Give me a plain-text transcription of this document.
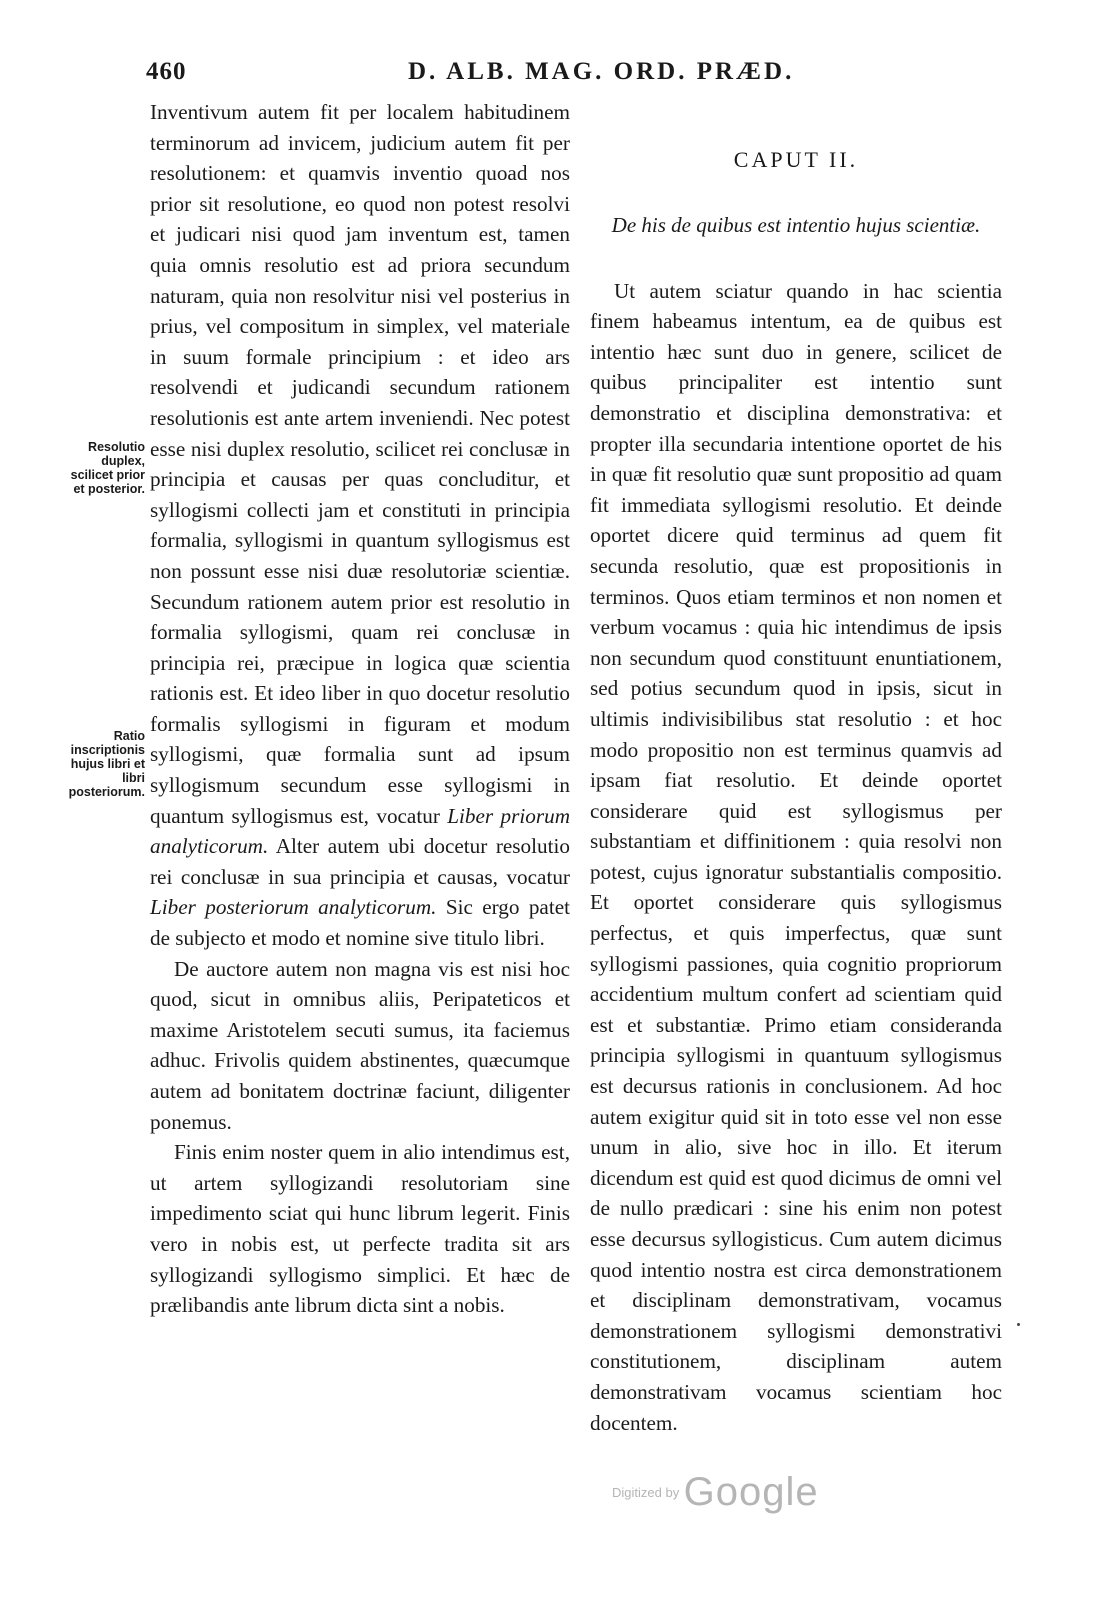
460	D. ALB. MAG. ORD. PRÆD.
Resolutio duplex, scilicet prior et posterior.
Ratio inscriptionis hujus libri et libri posteriorum.

Inventivum autem fit per localem habitudinem terminorum ad invicem, judicium autem fit per resolutionem: et quamvis inventio quoad nos prior sit resolutione, eo quod non potest resolvi et judicari nisi quod jam inventum est, tamen quia omnis resolutio est ad priora secundum naturam, quia non resolvitur nisi vel posterius in prius, vel compositum in simplex, vel materiale in suum formale principium : et ideo ars resolvendi et judicandi secundum rationem resolutionis est ante artem inveniendi. Nec potest esse nisi duplex resolutio, scilicet rei conclusæ in principia et causas per quas concluditur, et syllogismi collecti jam et constituti in principia formalia, syllogismi in quantum syllogismus est non possunt esse nisi duæ resolutoriæ scientiæ. Secundum rationem autem prior est resolutio in formalia syllogismi, quam rei conclusæ in principia rei, præcipue in logica quæ scientia rationis est. Et ideo liber in quo docetur resolutio formalis syllogismi in figuram et modum syllogismi, quæ formalia sunt ad ipsum syllogismum secundum esse syllogismi in quantum syllogismus est, vocatur Liber priorum analyticorum. Alter autem ubi docetur resolutio rei conclusæ in sua principia et causas, vocatur Liber posteriorum analyticorum. Sic ergo patet de subjecto et modo et nomine sive titulo libri.

De auctore autem non magna vis est nisi hoc quod, sicut in omnibus aliis, Peripateticos et maxime Aristotelem secuti sumus, ita faciemus adhuc. Frivolis quidem abstinentes, quæcumque autem ad bonitatem doctrinæ faciunt, diligenter ponemus.

Finis enim noster quem in alio intendimus est, ut artem syllogizandi resolutoriam sine impedimento sciat qui hunc librum legerit. Finis vero in nobis est, ut perfecte tradita sit ars syllogizandi syllogismo simplici. Et hæc de prælibandis ante librum dicta sint a nobis.

CAPUT II.
De his de quibus est intentio hujus scientiæ.

Ut autem sciatur quando in hac scientia finem habeamus intentum, ea de quibus est intentio hæc sunt duo in genere, scilicet de quibus principaliter est intentio sunt demonstratio et disciplina demonstrativa: et propter illa secundaria intentione oportet de his in quæ fit resolutio quæ sunt propositio ad quam fit immediata syllogismi resolutio. Et deinde oportet dicere quid terminus ad quem fit secunda resolutio, quæ est propositionis in terminos. Quos etiam terminos et non nomen et verbum vocamus : quia hic intendimus de ipsis non secundum quod constituunt enuntiationem, sed potius secundum quod in ipsis, sicut in ultimis indivisibilibus stat resolutio : et hoc modo propositio non est terminus quamvis ad ipsam fiat resolutio. Et deinde oportet considerare quid est syllogismus per substantiam et diffinitionem : quia resolvi non potest, cujus ignoratur substantialis compositio. Et oportet considerare quis syllogismus perfectus, et quis imperfectus, quæ sunt syllogismi passiones, quia cognitio propriorum accidentium multum confert ad scientiam quid est et substantiæ. Primo etiam consideranda principia syllogismi in quantuum syllogismus est decursus rationis in conclusionem. Ad hoc autem exigitur quid sit in toto esse vel non esse unum in alio, sive hoc in illo. Et iterum dicendum est quid est quod dicimus de omni vel de nullo prædicari : sine his enim non potest esse decursus syllogisticus. Cum autem dicimus quod intentio nostra est circa demonstrationem et disciplinam demonstrativam, vocamus demonstrationem syllogismi demonstrativi constitutionem, disciplinam autem demonstrativam vocamus scientiam hoc docentem.

Digitized by Google
